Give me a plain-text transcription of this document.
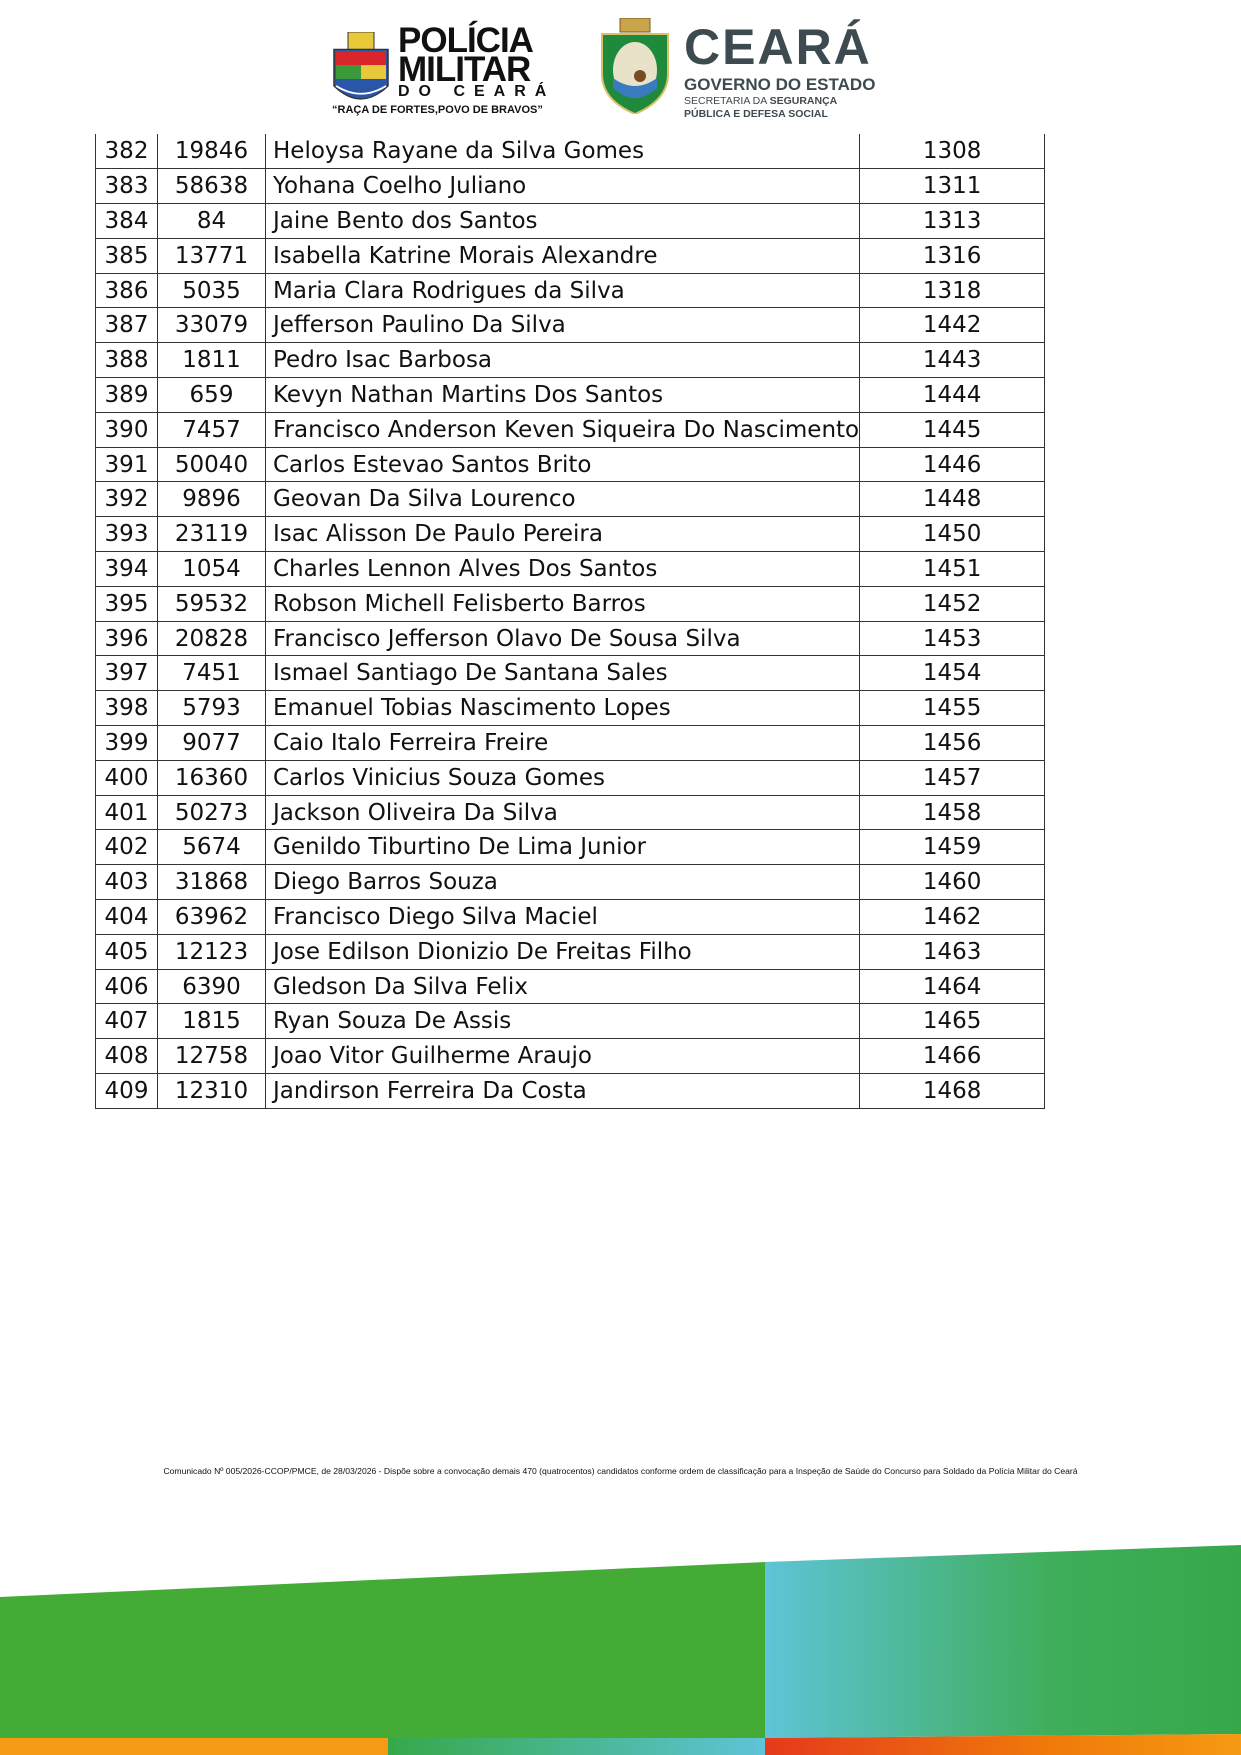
POLÍCIA
MILITAR
DO CEARÁ
“RAÇA DE FORTES,POVO DE BRAVOS”
CEARÁ
GOVERNO DO ESTADO
SECRETARIA DA SEGURANÇA
PÚBLICA E DEFESA SOCIAL
382	19846	Heloysa Rayane da Silva Gomes	1308
383	58638	Yohana Coelho Juliano	1311
384	84	Jaine Bento dos Santos	1313
385	13771	Isabella Katrine Morais Alexandre	1316
386	5035	Maria Clara Rodrigues da Silva	1318
387	33079	Jefferson Paulino Da Silva	1442
388	1811	Pedro Isac Barbosa	1443
389	659	Kevyn Nathan Martins Dos Santos	1444
390	7457	Francisco Anderson Keven Siqueira Do Nascimento	1445
391	50040	Carlos Estevao Santos Brito	1446
392	9896	Geovan Da Silva Lourenco	1448
393	23119	Isac Alisson De Paulo Pereira	1450
394	1054	Charles Lennon Alves Dos Santos	1451
395	59532	Robson Michell Felisberto Barros	1452
396	20828	Francisco Jefferson Olavo De Sousa Silva	1453
397	7451	Ismael Santiago De Santana Sales	1454
398	5793	Emanuel Tobias Nascimento Lopes	1455
399	9077	Caio Italo Ferreira Freire	1456
400	16360	Carlos Vinicius Souza Gomes	1457
401	50273	Jackson Oliveira Da Silva	1458
402	5674	Genildo Tiburtino De Lima Junior	1459
403	31868	Diego Barros Souza	1460
404	63962	Francisco Diego Silva Maciel	1462
405	12123	Jose Edilson Dionizio De Freitas Filho	1463
406	6390	Gledson Da Silva Felix	1464
407	1815	Ryan Souza De Assis	1465
408	12758	Joao Vitor Guilherme Araujo	1466
409	12310	Jandirson Ferreira Da Costa	1468
Comunicado Nº 005/2026-CCOP/PMCE, de 28/03/2026 - Dispõe sobre a convocação demais 470 (quatrocentos) candidatos conforme ordem de classificação para a Inspeção de Saúde do Concurso para Soldado da Polícia Militar do Ceará
